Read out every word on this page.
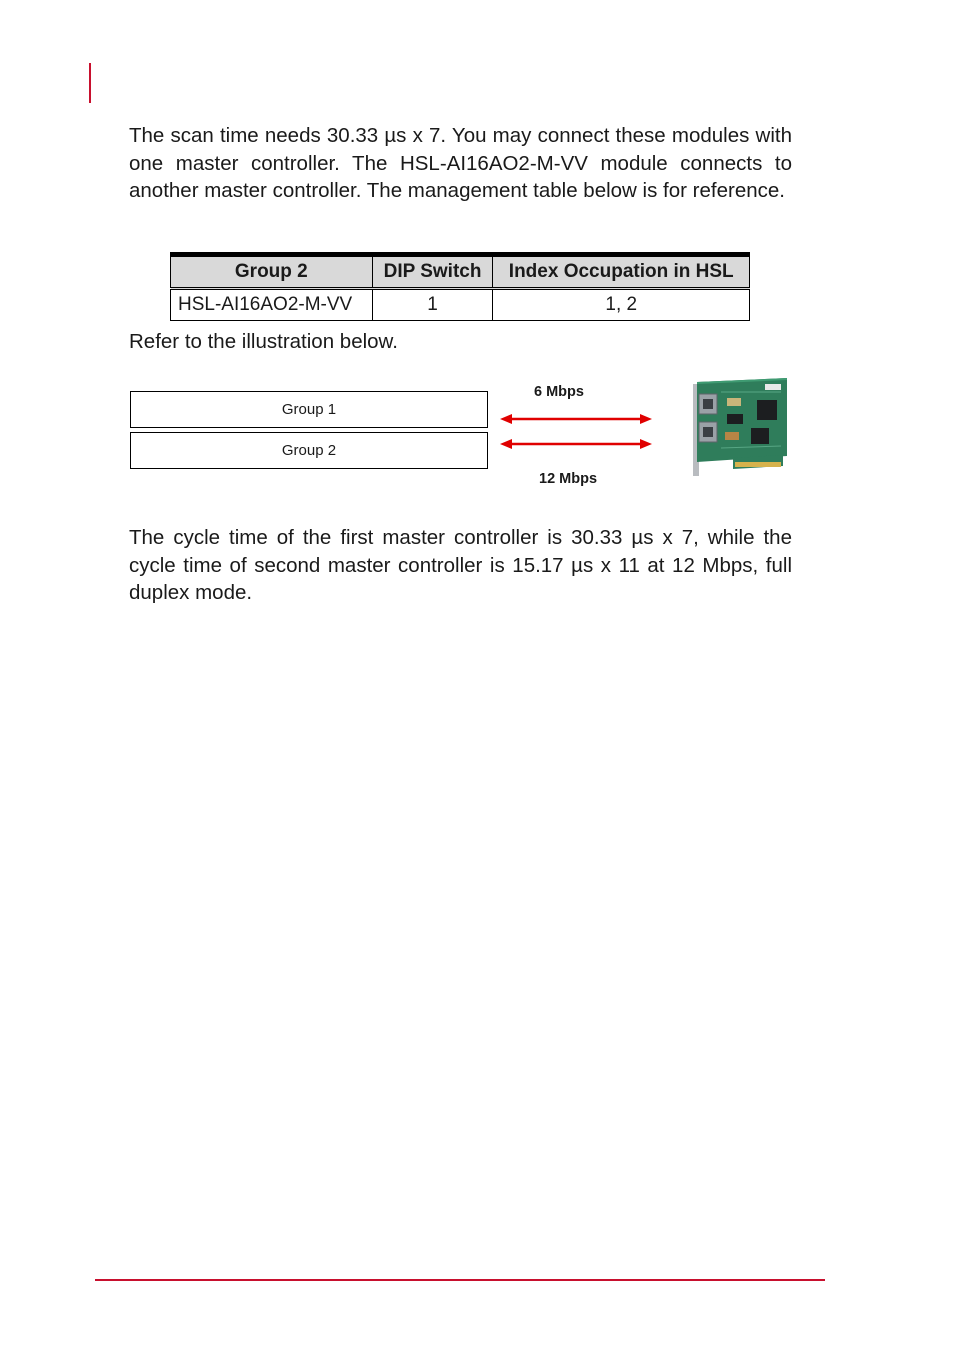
The scan time needs 30.33 µs x 7. You may connect these modules with one master controller. The HSL-AI16AO2-M-VV module connects to another master controller. The management table below is for reference.

Group 2	DIP Switch	Index Occupation in HSL
HSL-AI16AO2-M-VV	1	1, 2

Refer to the illustration below.

Group 1
Group 2
6 Mbps
12 Mbps

The cycle time of the first master controller is 30.33 µs x 7, while the cycle time of second master controller is 15.17 µs x 11 at 12 Mbps, full duplex mode.
